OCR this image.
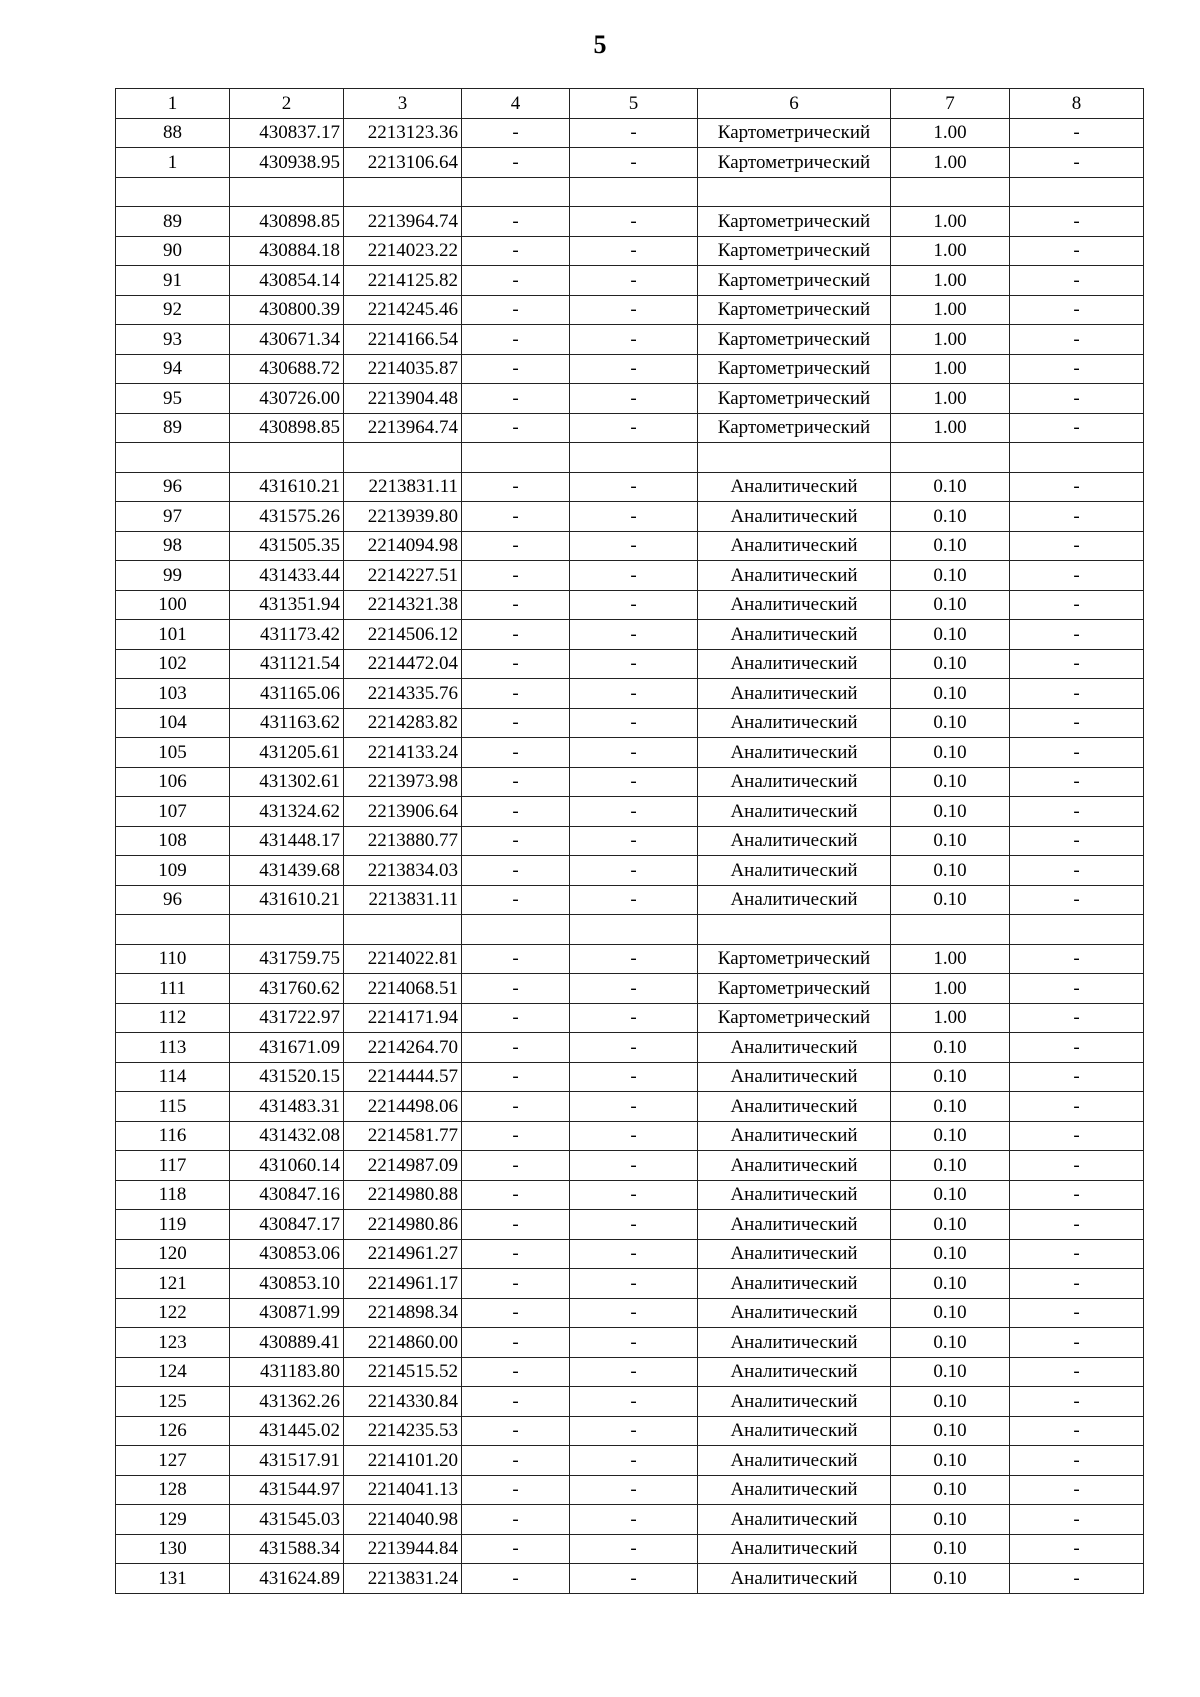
5
1	2	3	4	5	6	7	8
88	430837.17	2213123.36	-	-	Картометрический	1.00	-
1	430938.95	2213106.64	-	-	Картометрический	1.00	-

89	430898.85	2213964.74	-	-	Картометрический	1.00	-
90	430884.18	2214023.22	-	-	Картометрический	1.00	-
91	430854.14	2214125.82	-	-	Картометрический	1.00	-
92	430800.39	2214245.46	-	-	Картометрический	1.00	-
93	430671.34	2214166.54	-	-	Картометрический	1.00	-
94	430688.72	2214035.87	-	-	Картометрический	1.00	-
95	430726.00	2213904.48	-	-	Картометрический	1.00	-
89	430898.85	2213964.74	-	-	Картометрический	1.00	-

96	431610.21	2213831.11	-	-	Аналитический	0.10	-
97	431575.26	2213939.80	-	-	Аналитический	0.10	-
98	431505.35	2214094.98	-	-	Аналитический	0.10	-
99	431433.44	2214227.51	-	-	Аналитический	0.10	-
100	431351.94	2214321.38	-	-	Аналитический	0.10	-
101	431173.42	2214506.12	-	-	Аналитический	0.10	-
102	431121.54	2214472.04	-	-	Аналитический	0.10	-
103	431165.06	2214335.76	-	-	Аналитический	0.10	-
104	431163.62	2214283.82	-	-	Аналитический	0.10	-
105	431205.61	2214133.24	-	-	Аналитический	0.10	-
106	431302.61	2213973.98	-	-	Аналитический	0.10	-
107	431324.62	2213906.64	-	-	Аналитический	0.10	-
108	431448.17	2213880.77	-	-	Аналитический	0.10	-
109	431439.68	2213834.03	-	-	Аналитический	0.10	-
96	431610.21	2213831.11	-	-	Аналитический	0.10	-

110	431759.75	2214022.81	-	-	Картометрический	1.00	-
111	431760.62	2214068.51	-	-	Картометрический	1.00	-
112	431722.97	2214171.94	-	-	Картометрический	1.00	-
113	431671.09	2214264.70	-	-	Аналитический	0.10	-
114	431520.15	2214444.57	-	-	Аналитический	0.10	-
115	431483.31	2214498.06	-	-	Аналитический	0.10	-
116	431432.08	2214581.77	-	-	Аналитический	0.10	-
117	431060.14	2214987.09	-	-	Аналитический	0.10	-
118	430847.16	2214980.88	-	-	Аналитический	0.10	-
119	430847.17	2214980.86	-	-	Аналитический	0.10	-
120	430853.06	2214961.27	-	-	Аналитический	0.10	-
121	430853.10	2214961.17	-	-	Аналитический	0.10	-
122	430871.99	2214898.34	-	-	Аналитический	0.10	-
123	430889.41	2214860.00	-	-	Аналитический	0.10	-
124	431183.80	2214515.52	-	-	Аналитический	0.10	-
125	431362.26	2214330.84	-	-	Аналитический	0.10	-
126	431445.02	2214235.53	-	-	Аналитический	0.10	-
127	431517.91	2214101.20	-	-	Аналитический	0.10	-
128	431544.97	2214041.13	-	-	Аналитический	0.10	-
129	431545.03	2214040.98	-	-	Аналитический	0.10	-
130	431588.34	2213944.84	-	-	Аналитический	0.10	-
131	431624.89	2213831.24	-	-	Аналитический	0.10	-
